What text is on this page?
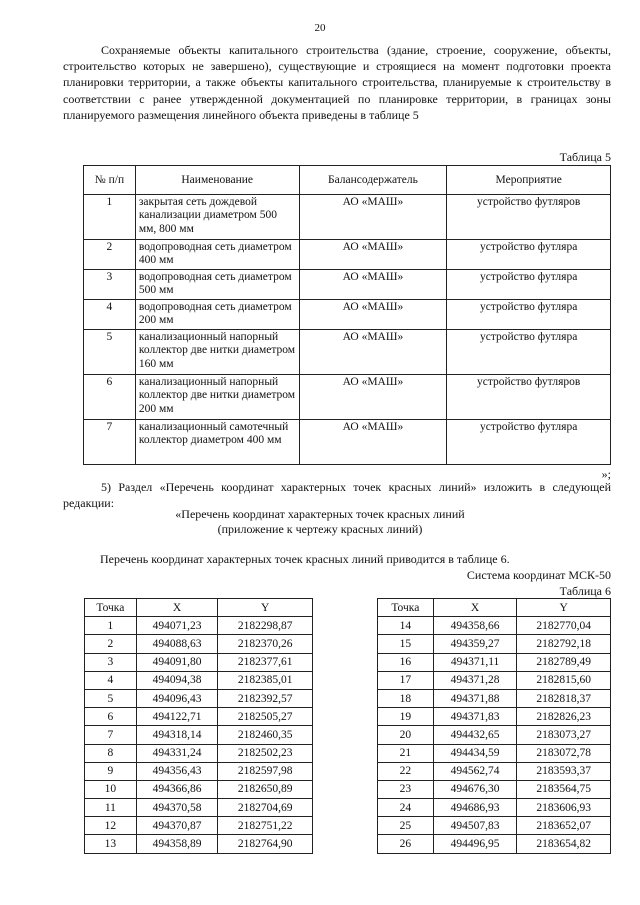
20
Сохраняемые объекты капитального строительства (здание, строение, сооружение, объекты, строительство которых не завершено), существующие и строящиеся на момент подготовки проекта планировки территории, а также объекты капитального строительства, планируемые к строительству в соответствии с ранее утвержденной документацией по планировке территории, в границах зоны планируемого размещения линейного объекта приведены в таблице 5
Таблица 5
№ п/п	Наименование	Балансодержатель	Мероприятие
1	закрытая сеть дождевой канализации диаметром 500 мм, 800 мм	АО «МАШ»	устройство футляров
2	водопроводная сеть диаметром 400 мм	АО «МАШ»	устройство футляра
3	водопроводная сеть диаметром 500 мм	АО «МАШ»	устройство футляра
4	водопроводная сеть диаметром 200 мм	АО «МАШ»	устройство футляра
5	канализационный напорный коллектор две нитки диаметром 160 мм	АО «МАШ»	устройство футляра
6	канализационный напорный коллектор две нитки диаметром 200 мм	АО «МАШ»	устройство футляров
7	канализационный самотечный коллектор диаметром 400 мм	АО «МАШ»	устройство футляра
»;
5) Раздел «Перечень координат характерных точек красных линий» изложить в следующей редакции:
«Перечень координат характерных точек красных линий
(приложение к чертежу красных линий)
Перечень координат характерных точек красных линий приводится в таблице 6.
Система координат МСК-50
Таблица 6
Точка	X	Y
1	494071,23	2182298,87
2	494088,63	2182370,26
3	494091,80	2182377,61
4	494094,38	2182385,01
5	494096,43	2182392,57
6	494122,71	2182505,27
7	494318,14	2182460,35
8	494331,24	2182502,23
9	494356,43	2182597,98
10	494366,86	2182650,89
11	494370,58	2182704,69
12	494370,87	2182751,22
13	494358,89	2182764,90
Точка	X	Y
14	494358,66	2182770,04
15	494359,27	2182792,18
16	494371,11	2182789,49
17	494371,28	2182815,60
18	494371,88	2182818,37
19	494371,83	2182826,23
20	494432,65	2183073,27
21	494434,59	2183072,78
22	494562,74	2183593,37
23	494676,30	2183564,75
24	494686,93	2183606,93
25	494507,83	2183652,07
26	494496,95	2183654,82
